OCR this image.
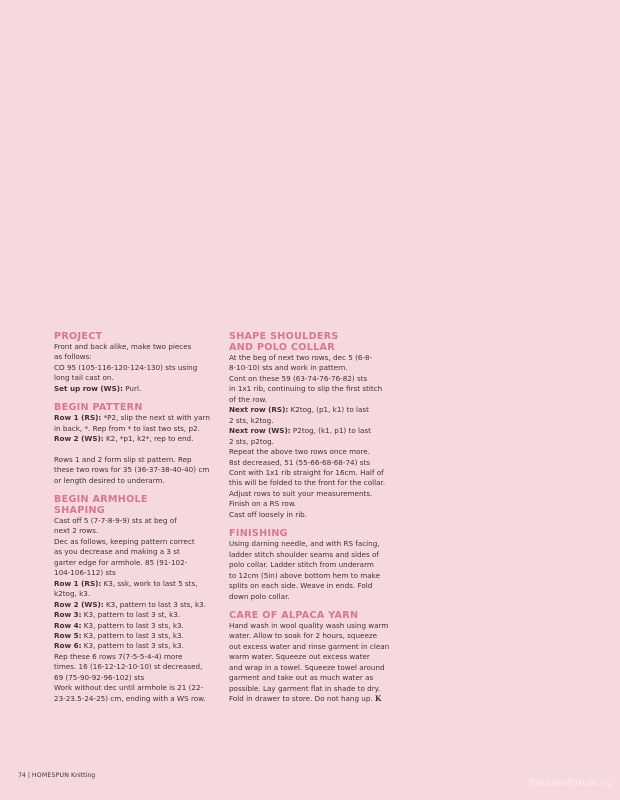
PROJECT

Front and back alike, make two pieces

as follows:

CO 95 (105-116-120-124-130) sts using

long tail cast on.

Set up row (WS): Purl.

BEGIN PATTERN

Row 1 (RS): *P2, slip the next st with yarn

in back, *. Rep from * to last two sts, p2.

Row 2 (WS): K2, *p1, k2*, rep to end.

Rows 1 and 2 form slip st pattern. Rep

these two rows for 35 (36-37-38-40-40) cm

or length desired to underarm.

BEGIN ARMHOLE
SHAPING

Cast off 5 (7-7-8-9-9) sts at beg of

next 2 rows.

Dec as follows, keeping pattern correct

as you decrease and making a 3 st

garter edge for armhole. 85 (91-102-

104-106-112) sts

Row 1 (RS): K3, ssk, work to last 5 sts,

k2tog, k3.

Row 2 (WS): K3, pattern to last 3 sts, k3.

Row 3: K3, pattern to last 3 st, k3.

Row 4: K3, pattern to last 3 sts, k3.

Row 5: K3, pattern to last 3 sts, k3.

Row 6: K3, pattern to last 3 sts, k3.

Rep these 6 rows 7(7-5-5-4-4) more

times. 16 (16-12-12-10-10) st decreased,

69 (75-90-92-96-102) sts

Work without dec until armhole is 21 (22-

23-23.5-24-25) cm, ending with a WS row.

SHAPE SHOULDERS
AND POLO COLLAR

At the beg of next two rows, dec 5 (6-8-

8-10-10) sts and work in pattern.

Cont on these 59 (63-74-76-76-82) sts

in 1x1 rib, continuing to slip the first stitch

of the row.

Next row (RS): K2tog, (p1, k1) to last

2 sts, k2tog.

Next row (WS): P2tog, (k1, p1) to last

2 sts, p2tog.

Repeat the above two rows once more.

8st decreased, 51 (55-66-68-68-74) sts

Cont with 1x1 rib straight for 16cm. Half of

this will be folded to the front for the collar.

Adjust rows to suit your measurements.

Finish on a RS row.

Cast off loosely in rib.

FINISHING

Using darning needle, and with RS facing,

ladder stitch shoulder seams and sides of

polo collar. Ladder stitch from underarm

to 12cm (5in) above bottom hem to make

splits on each side. Weave in ends. Fold

down polo collar.

CARE OF ALPACA YARN

Hand wash in wool quality wash using warm

water. Allow to soak for 2 hours, squeeze

out excess water and rinse garment in clean

warm water. Squeeze out excess water

and wrap in a towel. Squeeze towel around

garment and take out as much water as

possible. Lay garment flat in shade to dry.

Fold in drawer to store. Do not hang up. K

74 | HOMESPUN Knitting
PassionForum.ru
